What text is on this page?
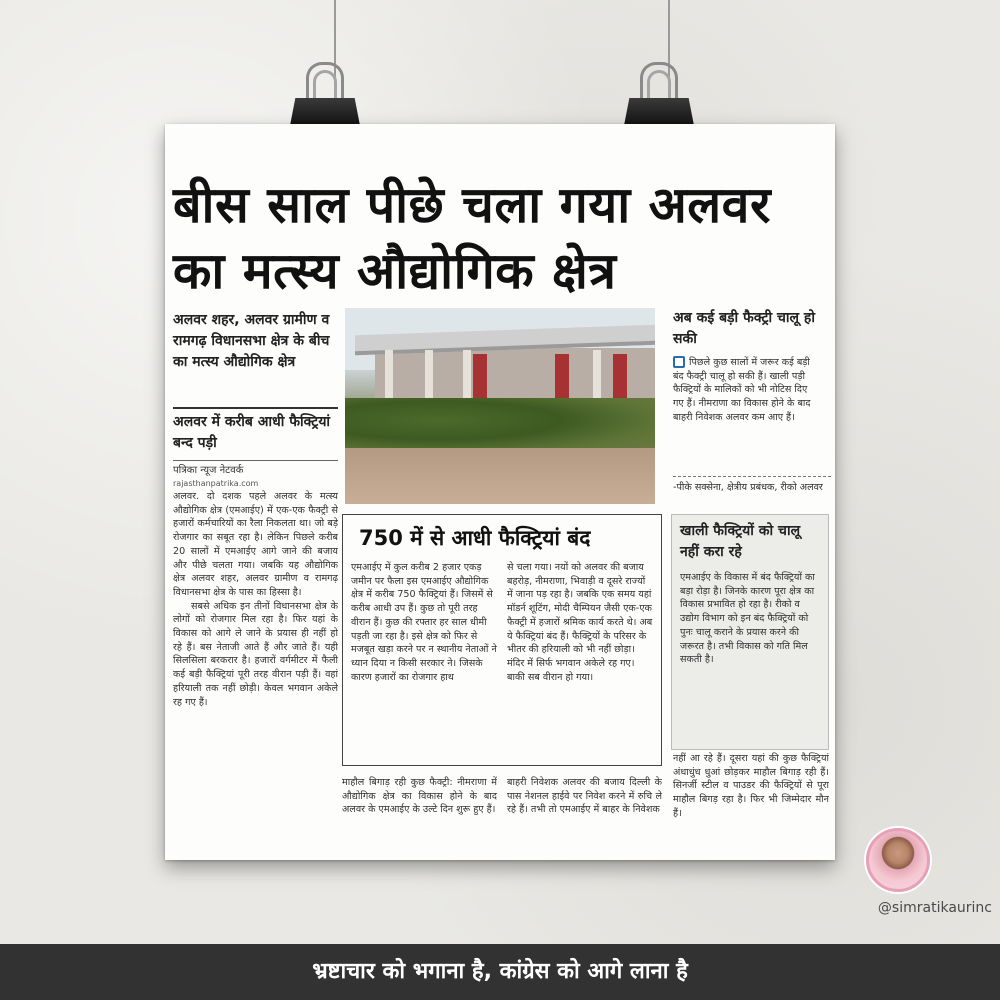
बीस साल पीछे चला गया अलवर
का मत्स्य औद्योगिक क्षेत्र
अलवर शहर, अलवर ग्रामीण व रामगढ़ विधानसभा क्षेत्र के बीच का मत्स्य औद्योगिक क्षेत्र
अलवर में करीब आधी फैक्ट्रियां बन्द पड़ी
पत्रिका न्यूज नेटवर्क
rajasthanpatrika.com

अलवर. दो दशक पहले अलवर के मत्स्य औद्योगिक क्षेत्र (एमआईए) में एक-एक फैक्ट्री से हजारों कर्मचारियों का रैला निकलता था। जो बड़े रोजगार का सबूत रहा है। लेकिन पिछले करीब 20 सालों में एमआईए आगे जाने की बजाय और पीछे चलता गया। जबकि यह औद्योगिक क्षेत्र अलवर शहर, अलवर ग्रामीण व रामगढ़ विधानसभा क्षेत्र के पास का हिस्सा है।

सबसे अधिक इन तीनों विधानसभा क्षेत्र के लोगों को रोजगार मिल रहा है। फिर यहां के विकास को आगे ले जाने के प्रयास ही नहीं हो रहे हैं। बस नेताजी आते हैं और जाते हैं। यही सिलसिला बरकरार है। हजारों वर्गमीटर में फैली कई बड़ी फैक्ट्रियां पूरी तरह वीरान पड़ी हैं। वहां हरियाली तक नहीं छोड़ी। केवल भगवान अकेले रह गए हैं।

750 में से आधी फैक्ट्रियां बंद
एमआईए में कुल करीब 2 हजार एकड़ जमीन पर फैला इस एमआईए औद्योगिक क्षेत्र में करीब 750 फैक्ट्रियां हैं। जिसमें से करीब आधी उप हैं। कुछ तो पूरी तरह वीरान हैं। कुछ की रफ्तार हर साल धीमी पड़ती जा रहा है। इसे क्षेत्र को फिर से मजबूत खड़ा करने पर न स्थानीय नेताओं ने ध्यान दिया न किसी सरकार ने। जिसके कारण हजारों का रोजगार हाथ
से चला गया। नयों को अलवर की बजाय बहरोड़, नीमराणा, भिवाड़ी व दूसरे राज्यों में जाना पड़ रहा है। जबकि एक समय यहां मॉडर्न शूटिंग, मोदी चैम्पियन जैसी एक-एक फैक्ट्री में हजारों श्रमिक कार्य करते थे। अब ये फैक्ट्रियां बंद हैं। फैक्ट्रियों के परिसर के भीतर की हरियाली को भी नहीं छोड़ा। मंदिर में सिर्फ भगवान अकेले रह गए। बाकी सब वीरान हो गया।
माहौल बिगाड़ रही कुछ फैक्ट्री: नीमराणा में औद्योगिक क्षेत्र का विकास होने के बाद अलवर के एमआईए के उल्टे दिन शुरू हुए हैं।
बाहरी निवेशक अलवर की बजाय दिल्ली के पास नेशनल हाईवे पर निवेश करने में रुचि ले रहे हैं। तभी तो एमआईए में बाहर के निवेशक
अब कई बड़ी फैक्ट्री चालू हो सकी
पिछले कुछ सालों में जरूर कई बड़ी बंद फैक्ट्री चालू हो सकी हैं। खाली पड़ी फैक्ट्रियों के मालिकों को भी नोटिस दिए गए हैं। नीमराणा का विकास होने के बाद बाहरी निवेशक अलवर कम आए हैं।
-पीके सक्सेना, क्षेत्रीय प्रबंधक, रीको अलवर
खाली फैक्ट्रियों को चालू नहीं करा रहे

एमआईए के विकास में बंद फैक्ट्रियों का बड़ा रोड़ा है। जिनके कारण पूरा क्षेत्र का विकास प्रभावित हो रहा है। रीको व उद्योग विभाग को इन बंद फैक्ट्रियों को पुनः चालू कराने के प्रयास करने की जरूरत है। तभी विकास को गति मिल सकती है।

नहीं आ रहे हैं। दूसरा यहां की कुछ फैक्ट्रियां अंधाधुंध धुआं छोड़कर माहौल बिगाड़ रही हैं। सिनर्जी स्टील व पाउडर की फैक्ट्रियों से पूरा माहौल बिगड़ रहा है। फिर भी जिम्मेदार मौन हैं।
@simratikaurinc
भ्रष्टाचार को भगाना है, कांग्रेस को आगे लाना है
